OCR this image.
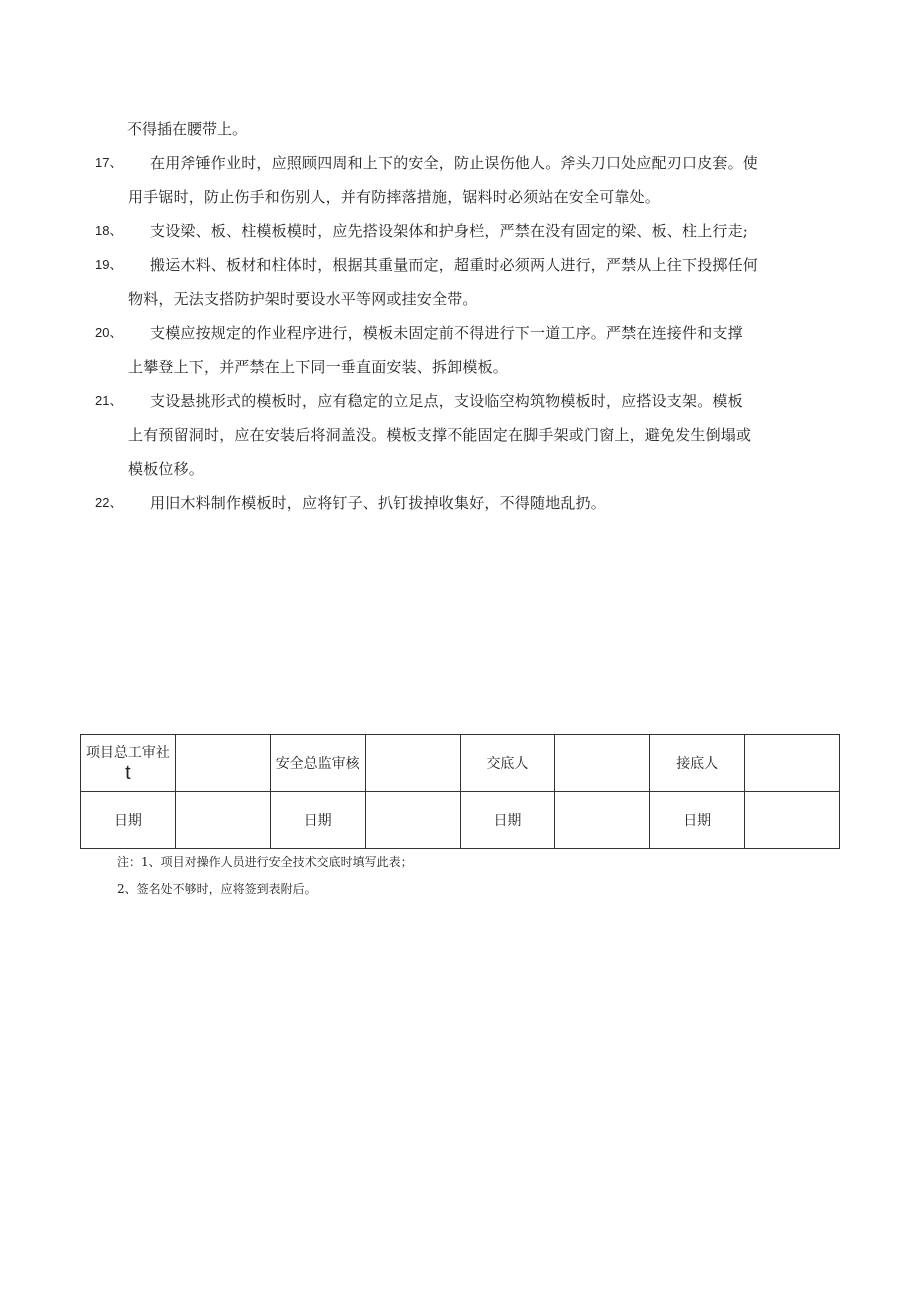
不得插在腰带上。
17、	在用斧锤作业时，应照顾四周和上下的安全，防止误伤他人。斧头刀口处应配刃口皮套。使
用手锯时，防止伤手和伤别人，并有防摔落措施，锯料时必须站在安全可靠处。
18、	支设梁、板、柱模板模时，应先搭设架体和护身栏，严禁在没有固定的梁、板、柱上行走;
19、	搬运木料、板材和柱体时，根据其重量而定，超重时必须两人进行，严禁从上往下投掷任何
物料，无法支搭防护架时要设水平等网或挂安全带。
20、	支模应按规定的作业程序进行，模板未固定前不得进行下一道工序。严禁在连接件和支撑
上攀登上下，并严禁在上下同一垂直面安装、拆卸模板。
21、	支设悬挑形式的模板时，应有稳定的立足点，支设临空构筑物模板时，应搭设支架。模板
上有预留洞时，应在安装后将洞盖没。模板支撑不能固定在脚手架或门窗上，避免发生倒塌或
模板位移。
22、	用旧木料制作模板时，应将钉子、扒钉拔掉收集好，不得随地乱扔。
项目总工审社
t		安全总监审核		交底人		接底人	
日期		日期		日期		日期	
注：1、项目对操作人员进行安全技术交底时填写此表；
2、签名处不够时，应将签到表附后。
